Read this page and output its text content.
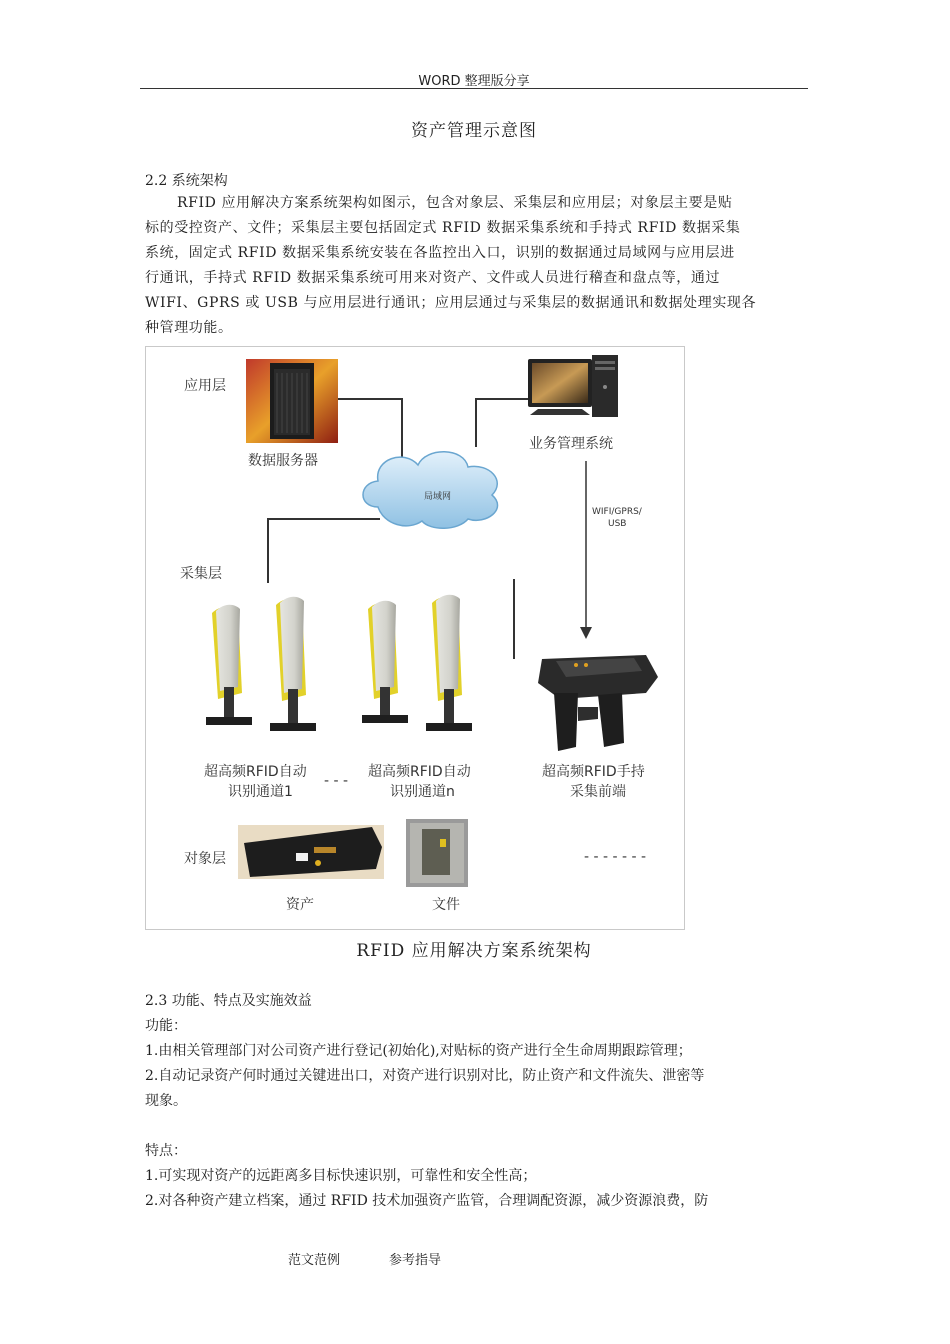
WORD 整理版分享
资产管理示意图
2.2 系统架构
RFID 应用解决方案系统架构如图示，包含对象层、采集层和应用层；对象层主要是贴
标的受控资产、文件；采集层主要包括固定式 RFID 数据采集系统和手持式 RFID 数据采集
系统，固定式 RFID 数据采集系统安装在各监控出入口，识别的数据通过局域网与应用层进
行通讯，手持式 RFID 数据采集系统可用来对资产、文件或人员进行稽查和盘点等，通过
WIFI、GPRS 或 USB 与应用层进行通讯；应用层通过与采集层的数据通讯和数据处理实现各
种管理功能。
应用层
采集层
对象层
数据服务器
业务管理系统
局域网
WIFI/GPRS/
USB
超高频RFID自动
识别通道1
- - -
超高频RFID自动
识别通道n
超高频RFID手持
采集前端
资产	文件
- - - - - - -
RFID 应用解决方案系统架构
2.3 功能、特点及实施效益
功能：
1.由相关管理部门对公司资产进行登记(初始化),对贴标的资产进行全生命周期跟踪管理；
2.自动记录资产何时通过关键进出口，对资产进行识别对比，防止资产和文件流失、泄密等
现象。
特点：
1.可实现对资产的远距离多目标快速识别，可靠性和安全性高；
2.对各种资产建立档案，通过 RFID 技术加强资产监管，合理调配资源，减少资源浪费，防
范文范例	参考指导
